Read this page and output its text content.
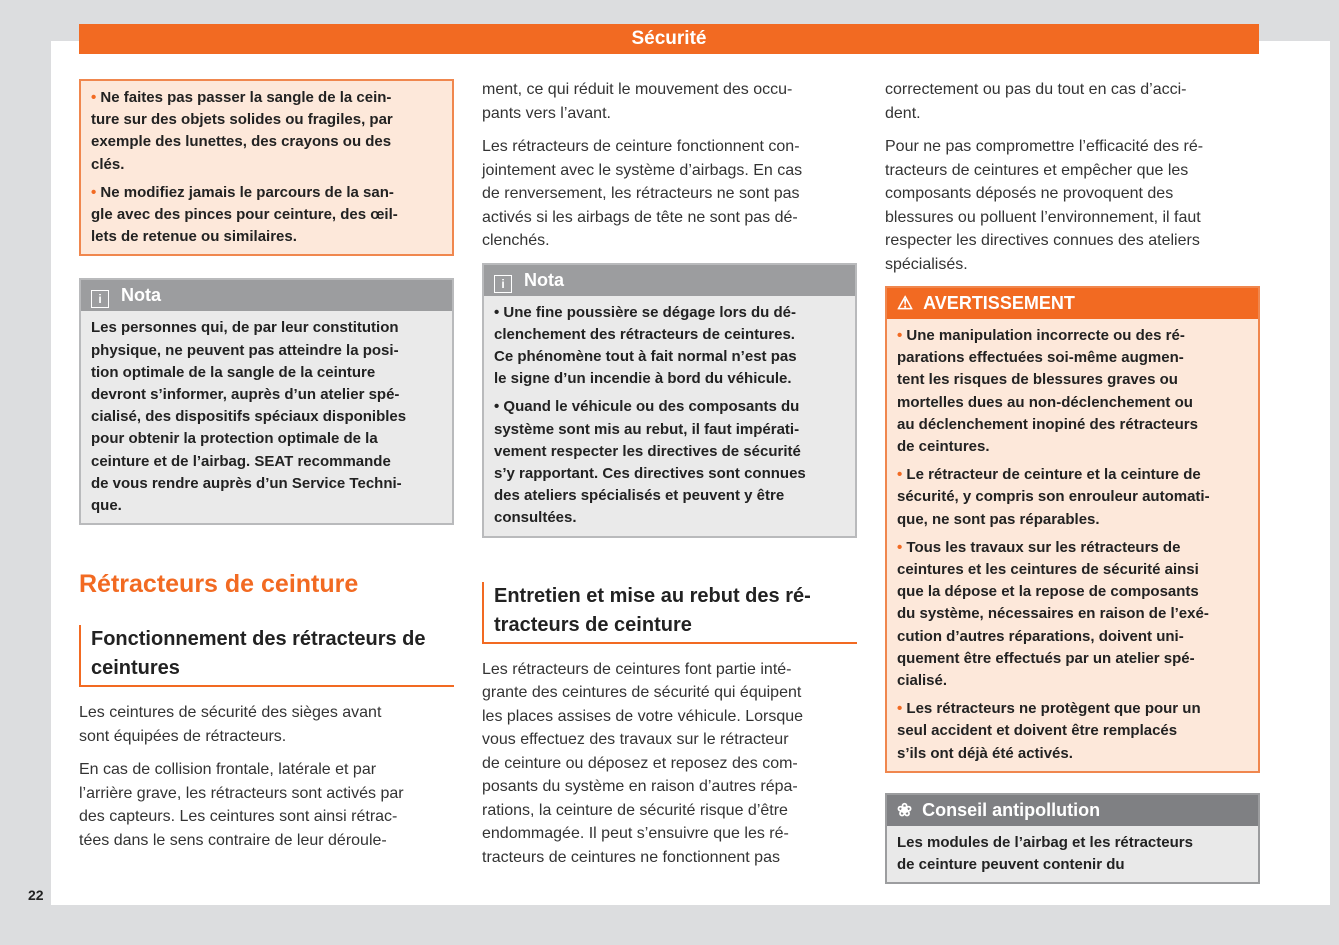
Sécurité
22
• Ne faites pas passer la sangle de la cein-
ture sur des objets solides ou fragiles, par
exemple des lunettes, des crayons ou des
clés.
• Ne modifiez jamais le parcours de la san-
gle avec des pinces pour ceinture, des œil-
lets de retenue ou similaires.
i Nota
Les personnes qui, de par leur constitution
physique, ne peuvent pas atteindre la posi-
tion optimale de la sangle de la ceinture
devront s’informer, auprès d’un atelier spé-
cialisé, des dispositifs spéciaux disponibles
pour obtenir la protection optimale de la
ceinture et de l’airbag. SEAT recommande
de vous rendre auprès d’un Service Techni-
que.
Rétracteurs de ceinture
Fonctionnement des rétracteurs de
ceintures
Les ceintures de sécurité des sièges avant
sont équipées de rétracteurs.
En cas de collision frontale, latérale et par
l’arrière grave, les rétracteurs sont activés par
des capteurs. Les ceintures sont ainsi rétrac-
tées dans le sens contraire de leur déroule-
ment, ce qui réduit le mouvement des occu-
pants vers l’avant.
Les rétracteurs de ceinture fonctionnent con-
jointement avec le système d’airbags. En cas
de renversement, les rétracteurs ne sont pas
activés si les airbags de tête ne sont pas dé-
clenchés.
i Nota
• Une fine poussière se dégage lors du dé-
clenchement des rétracteurs de ceintures.
Ce phénomène tout à fait normal n’est pas
le signe d’un incendie à bord du véhicule.
• Quand le véhicule ou des composants du
système sont mis au rebut, il faut impérati-
vement respecter les directives de sécurité
s’y rapportant. Ces directives sont connues
des ateliers spécialisés et peuvent y être
consultées.
Entretien et mise au rebut des ré-
tracteurs de ceinture
Les rétracteurs de ceintures font partie inté-
grante des ceintures de sécurité qui équipent
les places assises de votre véhicule. Lorsque
vous effectuez des travaux sur le rétracteur
de ceinture ou déposez et reposez des com-
posants du système en raison d’autres répa-
rations, la ceinture de sécurité risque d’être
endommagée. Il peut s’ensuivre que les ré-
tracteurs de ceintures ne fonctionnent pas
correctement ou pas du tout en cas d’acci-
dent.
Pour ne pas compromettre l’efficacité des ré-
tracteurs de ceintures et empêcher que les
composants déposés ne provoquent des
blessures ou polluent l’environnement, il faut
respecter les directives connues des ateliers
spécialisés.
⚠ AVERTISSEMENT
• Une manipulation incorrecte ou des ré-
parations effectuées soi-même augmen-
tent les risques de blessures graves ou
mortelles dues au non-déclenchement ou
au déclenchement inopiné des rétracteurs
de ceintures.
• Le rétracteur de ceinture et la ceinture de
sécurité, y compris son enrouleur automati-
que, ne sont pas réparables.
• Tous les travaux sur les rétracteurs de
ceintures et les ceintures de sécurité ainsi
que la dépose et la repose de composants
du système, nécessaires en raison de l’exé-
cution d’autres réparations, doivent uni-
quement être effectués par un atelier spé-
cialisé.
• Les rétracteurs ne protègent que pour un
seul accident et doivent être remplacés
s’ils ont déjà été activés.
❀ Conseil antipollution
Les modules de l’airbag et les rétracteurs
de ceinture peuvent contenir du
